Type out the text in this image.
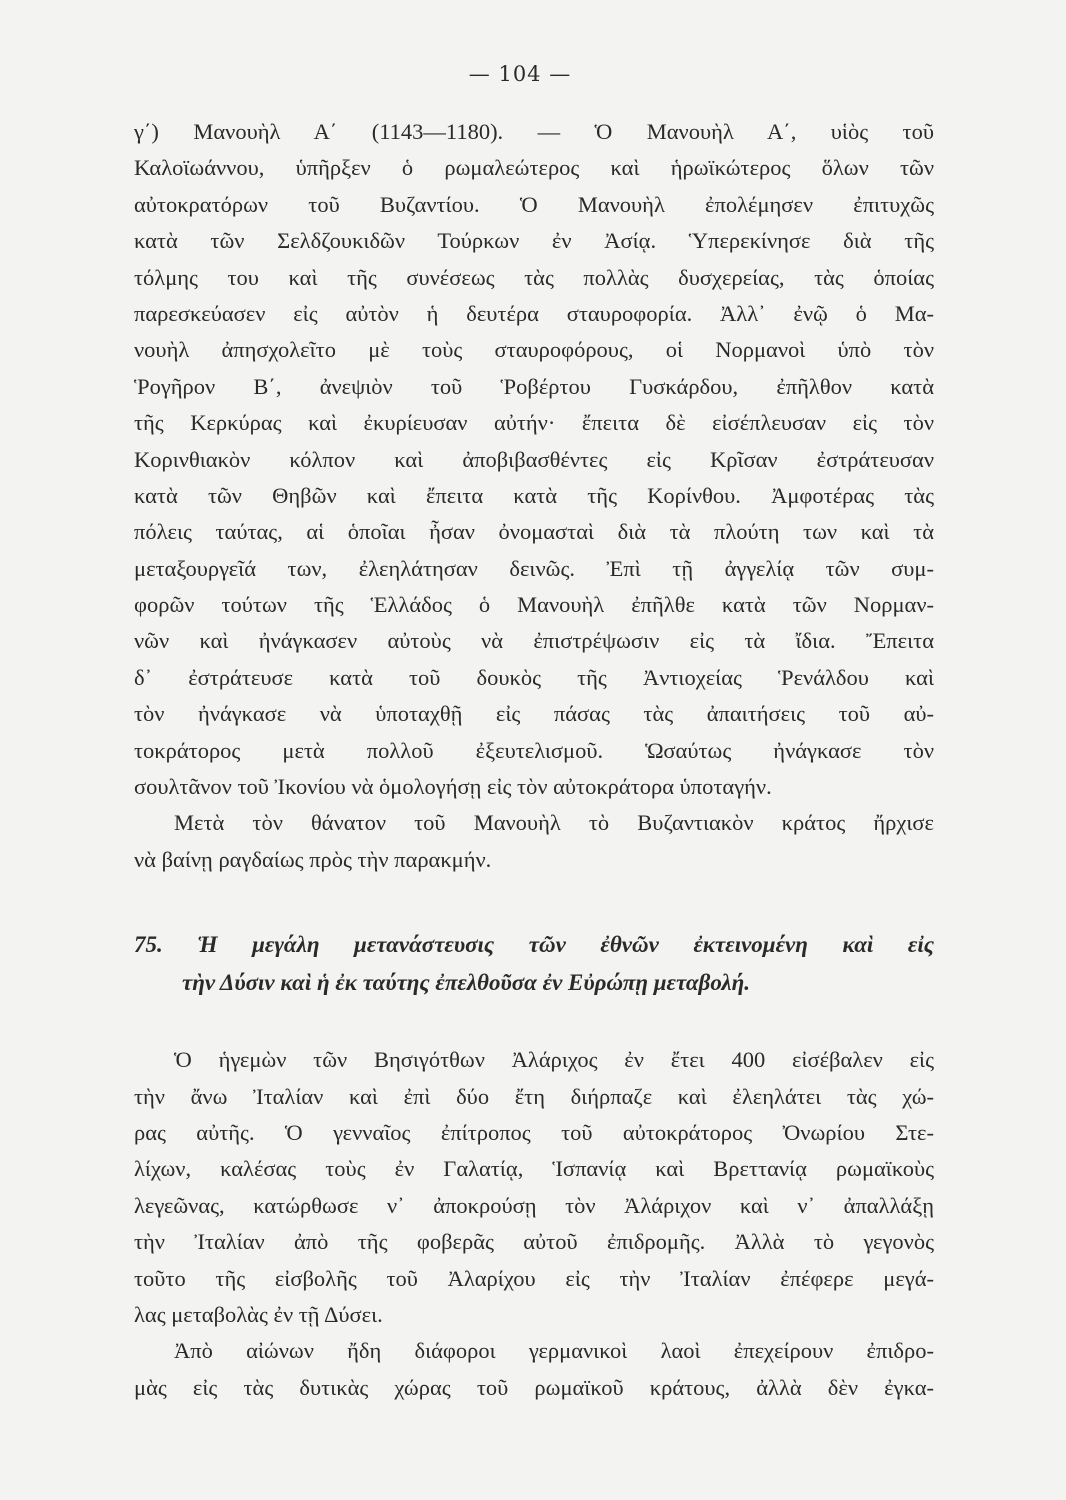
— 104 —
γ΄) Μανουὴλ Α΄ (1143—1180). — Ὁ Μανουὴλ Α΄, υἱὸς τοῦ
Καλοϊωάννου, ὑπῆρξεν ὁ ρωμαλεώτερος καὶ ἡρωϊκώτερος ὅλων τῶν
αὐτοκρατόρων τοῦ Βυζαντίου. Ὁ Μανουὴλ ἐπολέμησεν ἐπιτυχῶς
κατὰ τῶν Σελδζουκιδῶν Τούρκων ἐν Ἀσίᾳ. Ὑπερεκίνησε διὰ τῆς
τόλμης του καὶ τῆς συνέσεως τὰς πολλὰς δυσχερείας, τὰς ὁποίας
παρεσκεύασεν εἰς αὐτὸν ἡ δευτέρα σταυροφορία. Ἀλλ᾽ ἐνῷ ὁ Μα-
νουὴλ ἀπησχολεῖτο μὲ τοὺς σταυροφόρους, οἱ Νορμανοὶ ὑπὸ τὸν
Ῥογῆρον Β΄, ἀνεψιὸν τοῦ Ῥοβέρτου Γυσκάρδου, ἐπῆλθον κατὰ
τῆς Κερκύρας καὶ ἐκυρίευσαν αὐτήν· ἔπειτα δὲ εἰσέπλευσαν εἰς τὸν
Κορινθιακὸν κόλπον καὶ ἀποβιβασθέντες εἰς Κρῖσαν ἐστράτευσαν
κατὰ τῶν Θηβῶν καὶ ἔπειτα κατὰ τῆς Κορίνθου. Ἀμφοτέρας τὰς
πόλεις ταύτας, αἱ ὁποῖαι ἦσαν ὀνομασταὶ διὰ τὰ πλούτη των καὶ τὰ
μεταξουργεῖά των, ἐλεηλάτησαν δεινῶς. Ἐπὶ τῇ ἀγγελίᾳ τῶν συμ-
φορῶν τούτων τῆς Ἑλλάδος ὁ Μανουὴλ ἐπῆλθε κατὰ τῶν Νορμαν-
νῶν καὶ ἠνάγκασεν αὐτοὺς νὰ ἐπιστρέψωσιν εἰς τὰ ἴδια. Ἔπειτα
δ᾽ ἐστράτευσε κατὰ τοῦ δουκὸς τῆς Ἀντιοχείας Ῥενάλδου καὶ
τὸν ἠνάγκασε νὰ ὑποταχθῇ εἰς πάσας τὰς ἀπαιτήσεις τοῦ αὐ-
τοκράτορος μετὰ πολλοῦ ἐξευτελισμοῦ. Ὡσαύτως ἠνάγκασε τὸν
σουλτᾶνον τοῦ Ἰκονίου νὰ ὁμολογήσῃ εἰς τὸν αὐτοκράτορα ὑποταγήν.
Μετὰ τὸν θάνατον τοῦ Μανουὴλ τὸ Βυζαντιακὸν κράτος ἤρχισε
νὰ βαίνῃ ραγδαίως πρὸς τὴν παρακμήν.
75. Ἡ μεγάλη μετανάστευσις τῶν ἐθνῶν ἐκτεινομένη καὶ εἰς
τὴν Δύσιν καὶ ἡ ἐκ ταύτης ἐπελθοῦσα ἐν Εὐρώπῃ μεταβολή.
Ὁ ἡγεμὼν τῶν Βησιγότθων Ἀλάριχος ἐν ἔτει 400 εἰσέβαλεν εἰς
τὴν ἄνω Ἰταλίαν καὶ ἐπὶ δύο ἔτη διήρπαζε καὶ ἐλεηλάτει τὰς χώ-
ρας αὐτῆς. Ὁ γενναῖος ἐπίτροπος τοῦ αὐτοκράτορος Ὀνωρίου Στε-
λίχων, καλέσας τοὺς ἐν Γαλατίᾳ, Ἱσπανίᾳ καὶ Βρεττανίᾳ ρωμαϊκοὺς
λεγεῶνας, κατώρθωσε ν᾽ ἀποκρούσῃ τὸν Ἀλάριχον καὶ ν᾽ ἀπαλλάξῃ
τὴν Ἰταλίαν ἀπὸ τῆς φοβερᾶς αὐτοῦ ἐπιδρομῆς. Ἀλλὰ τὸ γεγονὸς
τοῦτο τῆς εἰσβολῆς τοῦ Ἀλαρίχου εἰς τὴν Ἰταλίαν ἐπέφερε μεγά-
λας μεταβολὰς ἐν τῇ Δύσει.
Ἀπὸ αἰώνων ἤδη διάφοροι γερμανικοὶ λαοὶ ἐπεχείρουν ἐπιδρο-
μὰς εἰς τὰς δυτικὰς χώρας τοῦ ρωμαϊκοῦ κράτους, ἀλλὰ δὲν ἐγκα-
